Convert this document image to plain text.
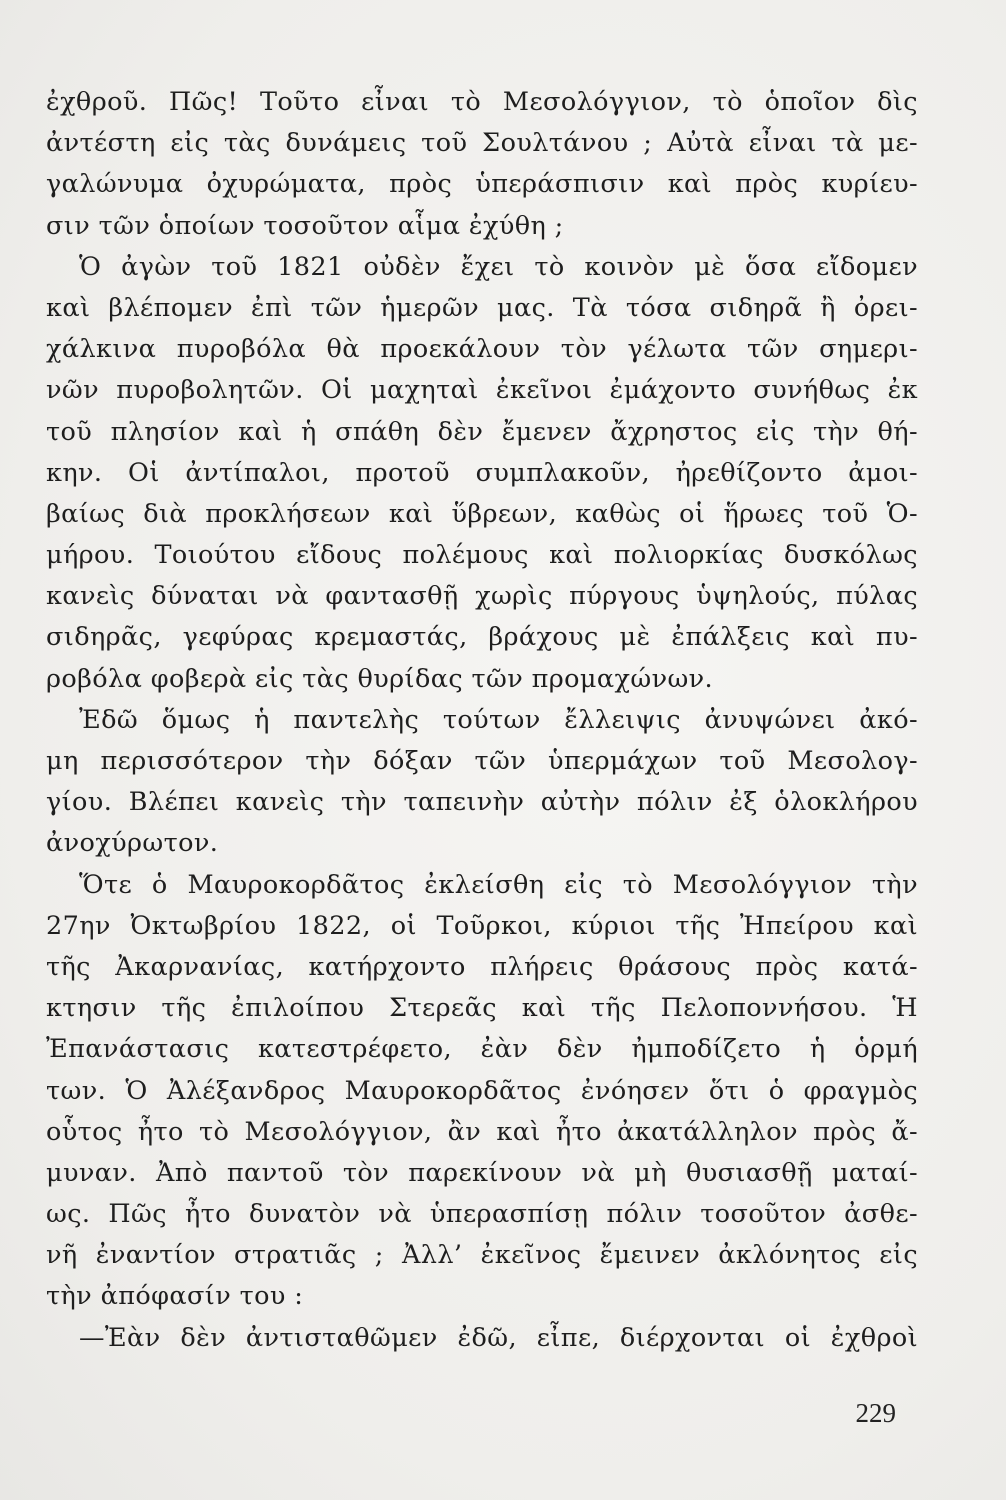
ἐχθροῦ. Πῶς! Τοῦτο εἶναι τὸ Μεσολόγγιον, τὸ ὁποῖον δὶς
ἀντέστη εἰς τὰς δυνάμεις τοῦ Σουλτάνου ; Αὐτὰ εἶναι τὰ με-
γαλώνυμα ὀχυρώματα, πρὸς ὑπεράσπισιν καὶ πρὸς κυρίευ-
σιν τῶν ὁποίων τοσοῦτον αἷμα ἐχύθη ;
Ὁ ἀγὼν τοῦ 1821 οὐδὲν ἔχει τὸ κοινὸν μὲ ὅσα εἴδομεν
καὶ βλέπομεν ἐπὶ τῶν ἡμερῶν μας. Τὰ τόσα σιδηρᾶ ἢ ὀρει-
χάλκινα πυροβόλα θὰ προεκάλουν τὸν γέλωτα τῶν σημερι-
νῶν πυροβολητῶν. Οἱ μαχηταὶ ἐκεῖνοι ἐμάχοντο συνήθως ἐκ
τοῦ πλησίον καὶ ἡ σπάθη δὲν ἔμενεν ἄχρηστος εἰς τὴν θή-
κην. Οἱ ἀντίπαλοι, προτοῦ συμπλακοῦν, ἠρεθίζοντο ἀμοι-
βαίως διὰ προκλήσεων καὶ ὕβρεων, καθὼς οἱ ἥρωες τοῦ Ὁ-
μήρου. Τοιούτου εἴδους πολέμους καὶ πολιορκίας δυσκόλως
κανεὶς δύναται νὰ φαντασθῇ χωρὶς πύργους ὑψηλούς, πύλας
σιδηρᾶς, γεφύρας κρεμαστάς, βράχους μὲ ἐπάλξεις καὶ πυ-
ροβόλα φοβερὰ εἰς τὰς θυρίδας τῶν προμαχώνων.
Ἐδῶ ὅμως ἡ παντελὴς τούτων ἔλλειψις ἀνυψώνει ἀκό-
μη περισσότερον τὴν δόξαν τῶν ὑπερμάχων τοῦ Μεσολογ-
γίου. Βλέπει κανεὶς τὴν ταπεινὴν αὐτὴν πόλιν ἐξ ὁλοκλήρου
ἀνοχύρωτον.
Ὅτε ὁ Μαυροκορδᾶτος ἐκλείσθη εἰς τὸ Μεσολόγγιον τὴν
27ην Ὀκτωβρίου 1822, οἱ Τοῦρκοι, κύριοι τῆς Ἠπείρου καὶ
τῆς Ἀκαρνανίας, κατήρχοντο πλήρεις θράσους πρὸς κατά-
κτησιν τῆς ἐπιλοίπου Στερεᾶς καὶ τῆς Πελοποννήσου. Ἡ
Ἐπανάστασις κατεστρέφετο, ἐὰν δὲν ἠμποδίζετο ἡ ὁρμή
των. Ὁ Ἀλέξανδρος Μαυροκορδᾶτος ἐνόησεν ὅτι ὁ φραγμὸς
οὗτος ἦτο τὸ Μεσολόγγιον, ἂν καὶ ἦτο ἀκατάλληλον πρὸς ἄ-
μυναν. Ἀπὸ παντοῦ τὸν παρεκίνουν νὰ μὴ θυσιασθῇ ματαί-
ως. Πῶς ἦτο δυνατὸν νὰ ὑπερασπίσῃ πόλιν τοσοῦτον ἀσθε-
νῆ ἐναντίον στρατιᾶς ; Ἀλλ’ ἐκεῖνος ἔμεινεν ἀκλόνητος εἰς
τὴν ἀπόφασίν του :
—Ἐὰν δὲν ἀντισταθῶμεν ἐδῶ, εἶπε, διέρχονται οἱ ἐχθροὶ
229
